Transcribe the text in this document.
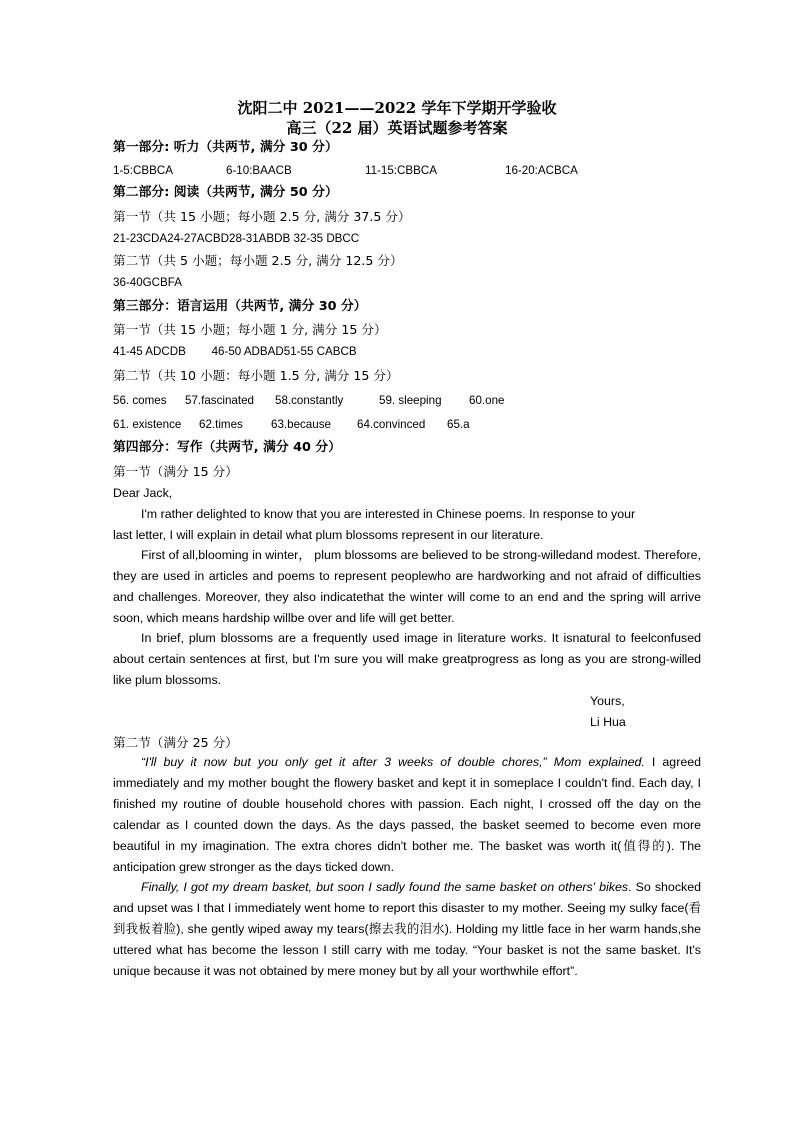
沈阳二中 2021——2022 学年下学期开学验收
高三（22 届）英语试题参考答案
第一部分: 听力（共两节, 满分 30 分）
1-5:CBBCA	6-10:BAACB	11-15:CBBCA	16-20:ACBCA
第二部分: 阅读（共两节, 满分 50 分）
第一节（共 15 小题；每小题 2.5 分, 满分 37.5 分）
21-23CDA24-27ACBD28-31ABDB 32-35 DBCC
第二节（共 5 小题；每小题 2.5 分, 满分 12.5 分）
36-40GCBFA
第三部分：语言运用（共两节, 满分 30 分）
第一节（共 15 小题；每小题 1 分, 满分 15 分）
41-45 ADCDB        46-50 ADBAD51-55 CABCB
第二节（共 10 小题：每小题 1.5 分, 满分 15 分）
56. comes 57.fascinated 58.constantly	59. sleeping 60.one
61. existence 62.times 63.because 64.convinced 65.a
第四部分：写作（共两节, 满分 40 分）
第一节（满分 15 分）
Dear Jack,
I'm rather delighted to know that you are interested in Chinese poems. In response to your
last letter, I will explain in detail what plum blossoms represent in our literature.

First of all,blooming in winter， plum blossoms are believed to be strong-willedand modest. Therefore, they are used in articles and poems to represent peoplewho are hardworking and not afraid of difficulties and challenges. Moreover, they also indicatethat the winter will come to an end and the spring will arrive soon, which means hardship willbe over and life will get better.

In brief, plum blossoms are a frequently used image in literature works. It isnatural to feelconfused about certain sentences at first, but I'm sure you will make greatprogress as long as you are strong-willed like plum blossoms.

Yours,
Li Hua
第二节（满分 25 分）

“I'll buy it now but you only get it after 3 weeks of double chores,” Mom explained. I agreed immediately and my mother bought the flowery basket and kept it in someplace I couldn't find. Each day, I finished my routine of double household chores with passion. Each night, I crossed off the day on the calendar as I counted down the days. As the days passed, the basket seemed to become even more beautiful in my imagination. The extra chores didn't bother me. The basket was worth it(值得的). The anticipation grew stronger as the days ticked down.

Finally, I got my dream basket, but soon I sadly found the same basket on others' bikes. So shocked and upset was I that I immediately went home to report this disaster to my mother. Seeing my sulky face(看到我板着脸), she gently wiped away my tears(擦去我的泪水). Holding my little face in her warm hands,she uttered what has become the lesson I still carry with me today. “Your basket is not the same basket. It's unique because it was not obtained by mere money but by all your worthwhile effort”.
